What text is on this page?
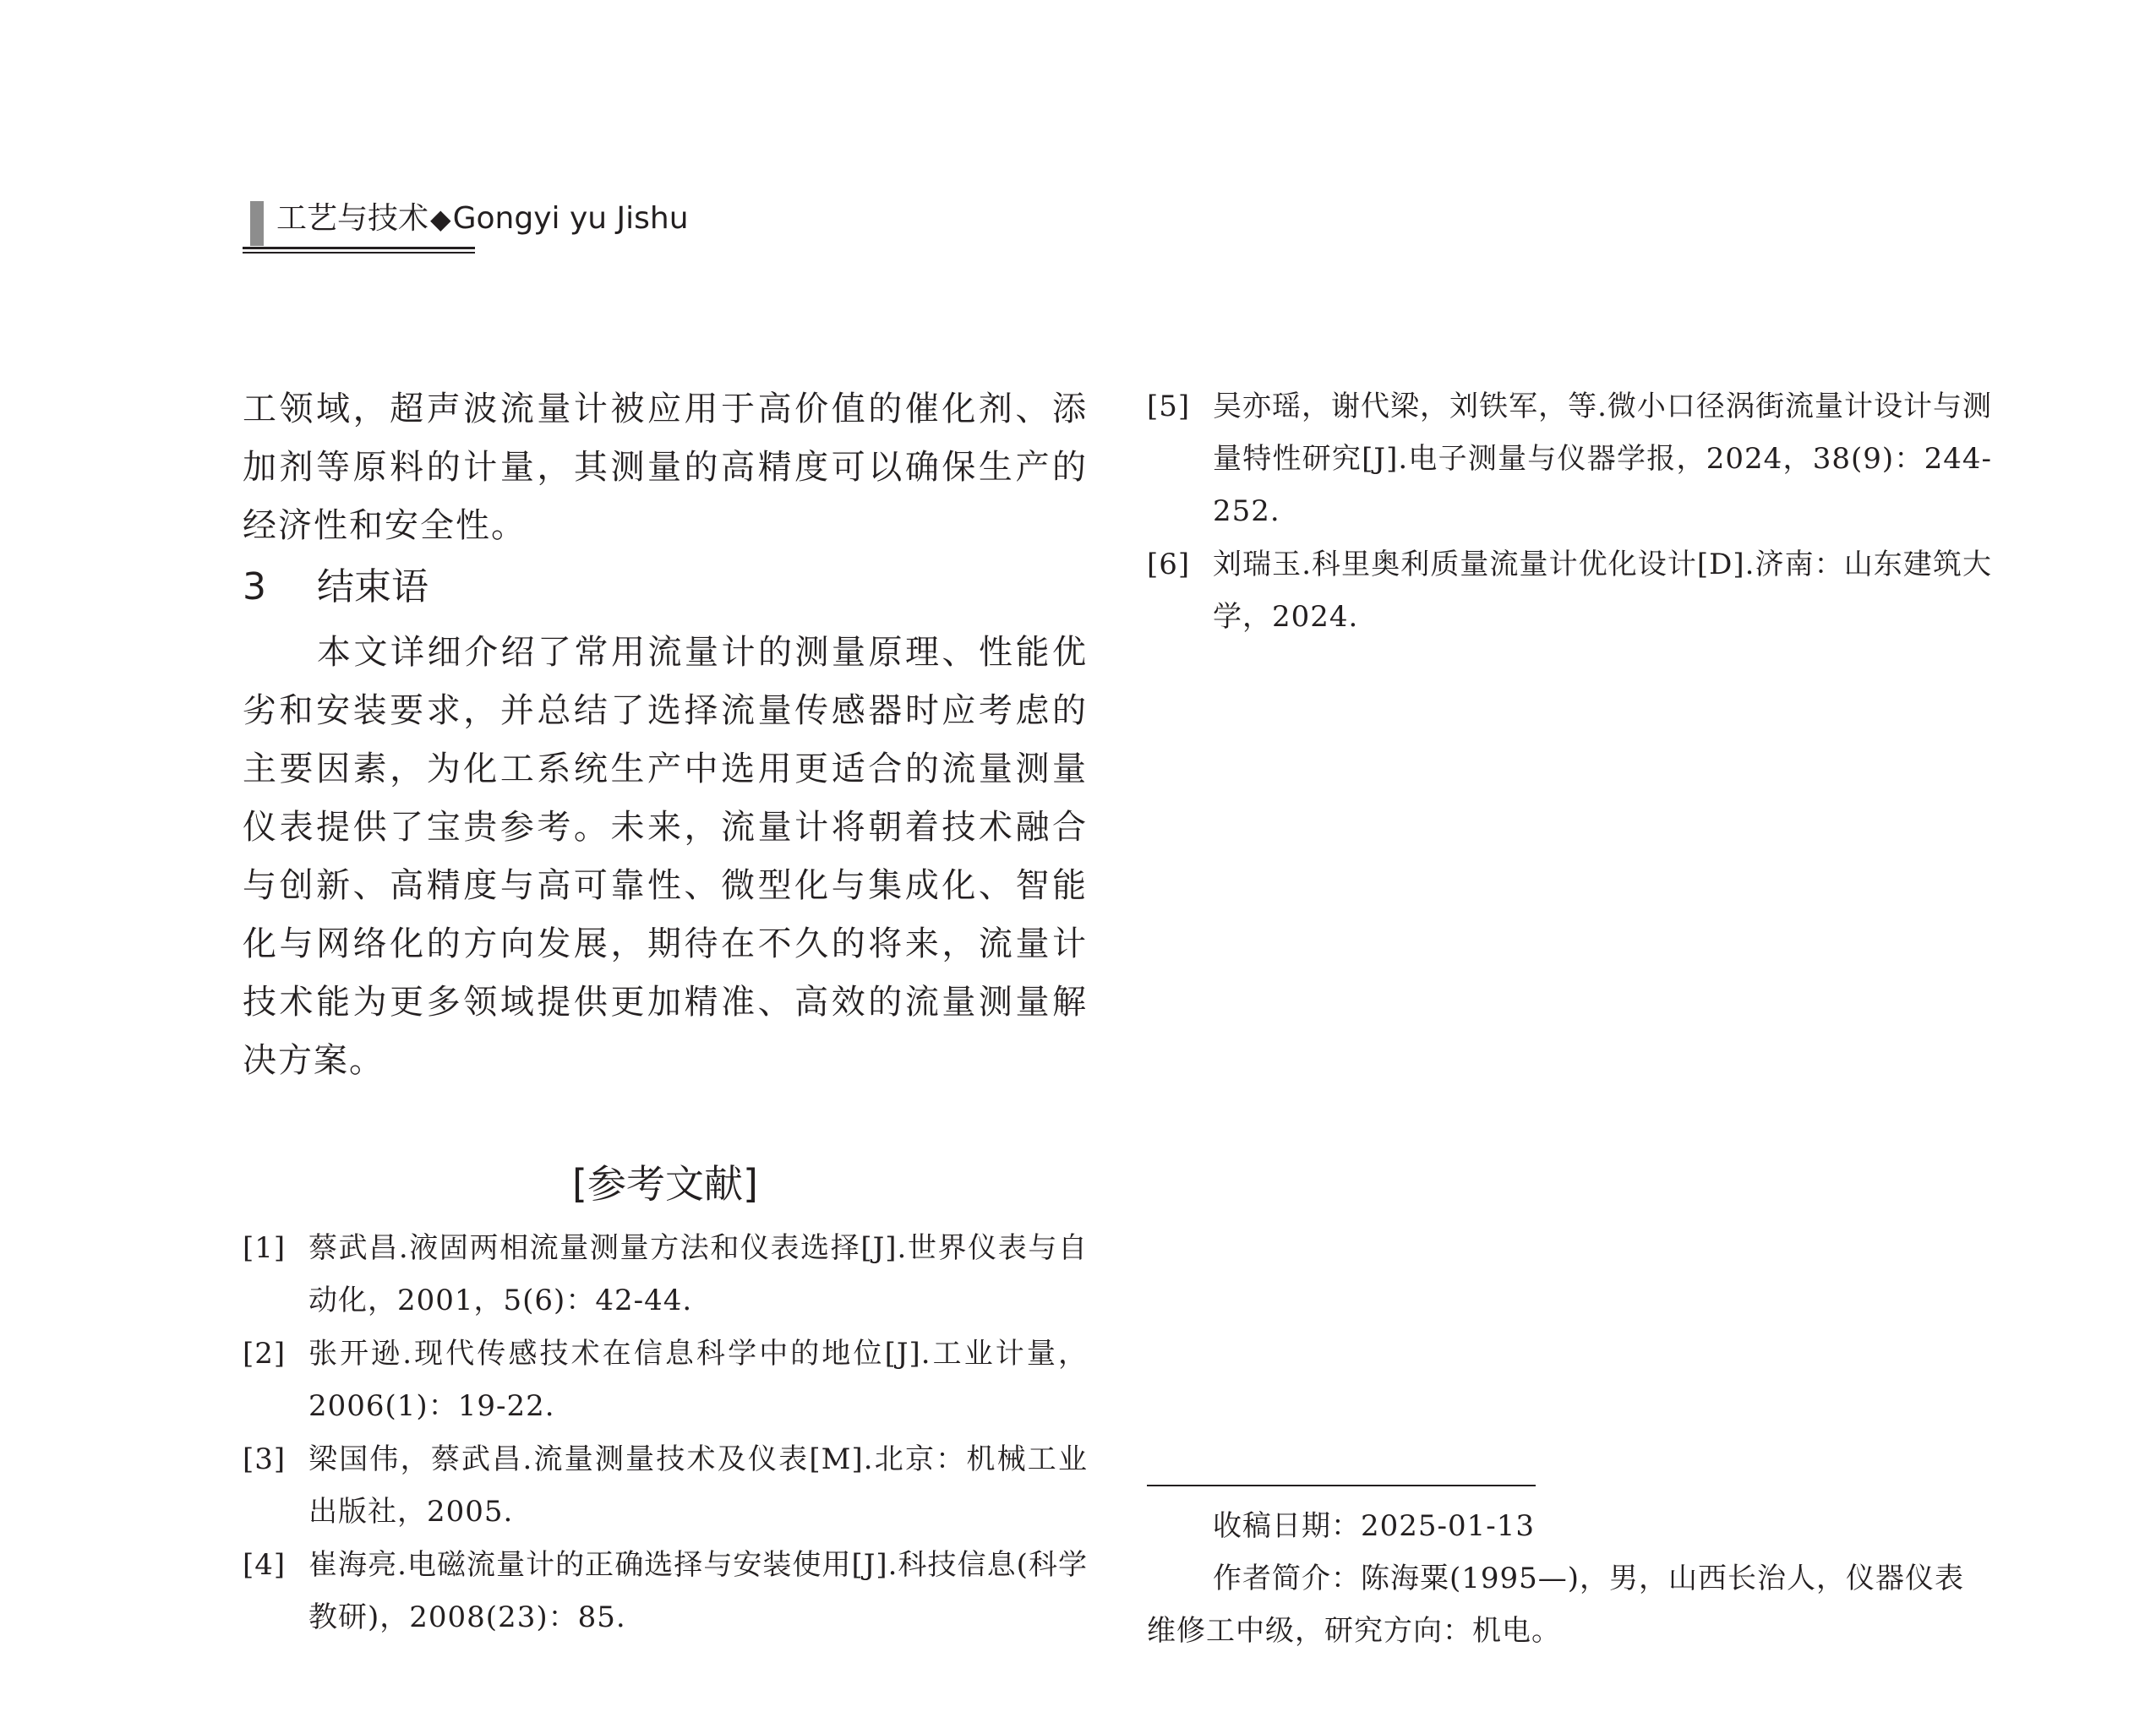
工艺与技术◆Gongyi yu Jishu

工领域，超声波流量计被应用于高价值的催化剂、添加剂等原料的计量，其测量的高精度可以确保生产的经济性和安全性。

3 结束语

本文详细介绍了常用流量计的测量原理、性能优劣和安装要求，并总结了选择流量传感器时应考虑的主要因素，为化工系统生产中选用更适合的流量测量仪表提供了宝贵参考。未来，流量计将朝着技术融合与创新、高精度与高可靠性、微型化与集成化、智能化与网络化的方向发展，期待在不久的将来，流量计技术能为更多领域提供更加精准、高效的流量测量解决方案。

[参考文献]
[1] 蔡武昌.液固两相流量测量方法和仪表选择[J].世界仪表与自动化，2001，5(6)：42-44.
[2] 张开逊.现代传感技术在信息科学中的地位[J].工业计量，2006(1)：19-22.
[3] 梁国伟，蔡武昌.流量测量技术及仪表[M].北京：机械工业出版社，2005.
[4] 崔海亮.电磁流量计的正确选择与安装使用[J].科技信息(科学教研)，2008(23)：85.
[5] 吴亦瑶，谢代梁，刘铁军，等.微小口径涡街流量计设计与测量特性研究[J].电子测量与仪器学报，2024，38(9)：244-252.
[6] 刘瑞玉.科里奥利质量流量计优化设计[D].济南：山东建筑大学，2024.

收稿日期：2025-01-13

作者简介：陈海粟(1995—)，男，山西长治人，仪器仪表维修工中级，研究方向：机电。
